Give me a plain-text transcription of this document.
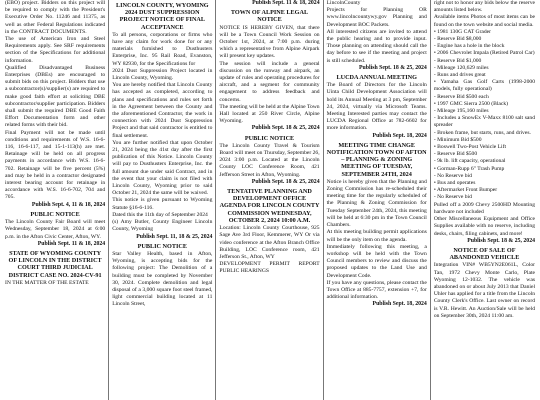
(EBO) project. Bidders on this project will be required to comply with the President's Executive Order No. 11246 and 11375, as well as other Federal Regulations indicated in the CONTRACT DOCUMENTS.

The use of American Iron and Steel Requirements apply. See SRF requirements section of the Specifications for additional information.

Qualified Disadvantaged Business Enterprises (DBEs) are encouraged to submit bids on this project. Bidders that use a subcontractor(s)/supplier(s) are required to make good faith effort at soliciting DBE subcontractor/supplier participation. Bidders shall submit the required DBE Good Faith Effort Documentation form and other related forms with their bid.

Final Payment will not be made until conditions and requirements of W.S. 16-6-116, 16-6-117, and 15-1-113(h) are met. Retainage will be held on all progress payments in accordance with W.S. 16-6-702. Retainage will be five percent (5%) and may be held in a contractor designated interest bearing account for retainage in accordance with W.S. 16-6-702, 704 and 705.

Publish Sept. 4, 11 & 18, 2024

PUBLIC NOTICE

The Lincoln County Fair Board will meet Wednesday, September 18, 2024 at 6:00 p.m. in the Afton Civic Center, Afton, WY.

Publish Sept. 11 & 18, 2024

STATE OF WYOMING COUNTY OF LINCOLN IN THE DISTRICT COURT THIRD JUDICIAL DISTRICT CASE NO. 2024-CV-91

IN THE MATTER OF THE ESTATE

LINCOLN COUNTY, WYOMING 2024 DUST SUPPRESSION PROJECT NOTICE OF FINAL ACCEPTANCE

To all persons, corporations or firms who have any claim for work done for or any materials furnished to Dusthusters Enterprise, Inc. 95 Rail Road, Evanston, WY 82930, for the Specifications for

2024 Dust Suppression Project located in Lincoln County, Wyoming.

You are hereby notified that Lincoln County has accepted as completed, according to plans and specifications and rules set forth in the Agreement between the County and the aforementioned Contractor, the work in connection with 2024 Dust Suppression Project and that said contractor is entitled to final settlement.

You are further notified that upon October 21, 2024 being the 41st day after the first publication of this Notice. Lincoln County will pay to Dusthusters Enterprise, Inc. the full amount due under said Contract, and in the event that your claim is not filed with Lincoln County, Wyoming prior to said October 21, 2024 the same will be waived.

This notice is given pursuant to Wyoming Statute §16-6-116.

Dated this the 11th day of September 2024

(s) Amy Butler, County Engineer Lincoln County, Wyoming

Publish Sept. 11, 18 & 25, 2024

PUBLIC NOTICE

Star Valley Health, based in Afton, Wyoming, is accepting bids for the following project: The Demolition of a building must be completed by November 30, 2024. Complete demolition and legal disposal of a 3,000 square foot steel framed, light commercial building located at 11 Lincoln Street,

Publish Sept. 11 & 18, 2024

TOWN OF ALPINE LEGAL NOTICE

NOTICE IS HEREBY GIVEN, that there will be a Town Council Work Session on October 1st, 2024, at 7:00 p.m. during which a representative from Alpine Airpark will present key updates.

The session will include a general discussion on the runway and airpark, an update of rules and operating procedures for aircraft, and a segment for community engagement to address feedback and concerns.

The meeting will be held at the Alpine Town Hall located at 250 River Circle, Alpine Wyoming.

Publish Sept. 18 & 25, 2024

PUBLIC NOTICE

The Lincoln County Travel & Tourism Board will meet on Thursday, September 26, 2024 3:00 p.m. Located at the Lincoln County LOC Conference Room, 421 Jefferson Street in Afton, Wyoming.

Publish Sept. 18 & 25, 2024

TENTATIVE PLANNING AND DEVELOPMENT OFFICE AGENDA FOR LINCOLN COUNTY COMMISSION WEDNESDAY, OCTOBER 2, 2024 10:00 A.M.

Location: Lincoln County Courthouse, 925 Sage Ave 3rd Floor, Kemmerer, WY Or via video conference at the Afton Branch Office Building, LOC Conference room, 421 Jefferson St., Afton, WY

DEVELOPMENT PERMIT REPORT PUBLIC HEARINGS

LincolnCounty

Projects for Planning OR www.lincolncountywy.gov Planning and Development BOC Packets.

All interested citizens are invited to attend the public hearing and to provide input. Those planning on attending should call the day before to see if the meeting and project is still scheduled.

Publish Sept. 18 & 25, 2024

LUCDA ANNUAL MEETING

The Board of Directors for the Lincoln Uinta Child Development Association will hold its Annual Meeting at 3 pm, September 24, 2024, virtually via Microsoft Teams. Meeting Interested parties may contact the LUCDA Regional Office at 782-6602 for more information.

Publish Sept. 18, 2024

MEETING TIME CHANGE NOTIFICATION TOWN OF AFTON – PLANNING & ZONING MEETING OF TUESDAY, SEPTEMBER 24TH, 2024

Notice is hereby given that the Planning and Zoning Commission has re-scheduled their meeting time for the regularly scheduled of the Planning & Zoning Commission for Tuesday September 24th, 2024, this meeting will be held at 6:30 pm in the Town Council Chambers.

At this meeting building permit applications will be the only item on the agenda.

Immediately following this meeting, a workshop will be held with the Town Council members to review and discuss the proposed updates to the Land Use and Development Code.

If you have any questions, please contact the Town Office at 885-7757, extension +7, for additional information.

Publish Sept. 18, 2024

right not to honor any bids below the reserve amounts listed below.

Available items Photos of most items can be found on the town website and social media.

• 1981 130G CAT Grader

- Reserve Bid $8,000

- Engine has a hole in the block

• 2006 Chevrolet Impala (Retired Patrol Car)

- Reserve Bid $1,000

- Mileage 120,629 miles

- Runs and drives great

• Yamaha Gas Golf Carts (1998-2000 models, fully operational)

- Reserve Bid $500 each

• 1997 GMC Sierra 2500 (Black)

- Mileage 195,160 miles

- Includes a SnowEx V-Maxx 8100 salt sand spreader

- Broken frame, but starts, runs, and drives.

- Minimum Bid $500

• Boswell Two-Post Vehicle Lift

- Reserve Bid $500

- 9k lb. lift capacity, operational

• Gorman-Rupp 6" Trash Pump

- No Reserve bid

• Bus and operates

• Aftermarket Front Bumper

- No Reserve bid

Pulled off a 2009 Chevy 2500HD Mounting hardware not included

Other Miscellaneous Equipment and Office Supplies available with no reserve, including desks, chairs, filing cabinets, and more!

Publish Sept. 18 & 25, 2024

NOTICE OF SALE OF ABANDONED VEHICLE

Integration VIN# WB5YN2E061L, Color Tan, 1972 Chevy Monte Carlo, Plate Wyoming 12-1032. The vehicle was abandoned on or about July 2013 that Daniel Uhler has applied for a title from the Lincoln County Clerk's Office. Last owner on record is V.R. Hewitt. An Auction/Sale will be held on September 30th, 2024 11:00 am.
